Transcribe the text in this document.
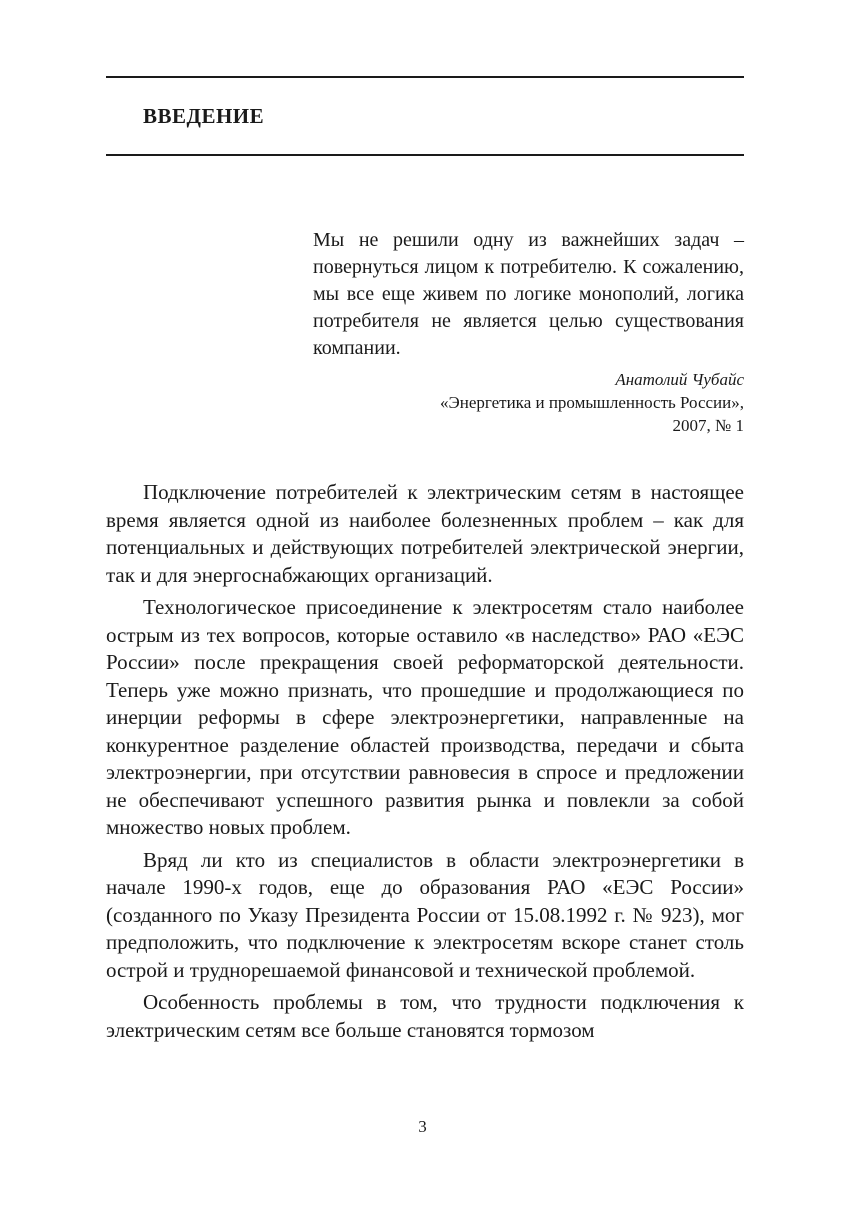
ВВЕДЕНИЕ

Мы не решили одну из важнейших задач – повернуться лицом к потребителю. К сожалению, мы все еще живем по логике монополий, логика потребителя не является целью существования компании.

Анатолий Чубайс
«Энергетика и промышленность России»,
2007, № 1

Подключение потребителей к электрическим сетям в настоящее время является одной из наиболее болезненных проблем – как для потенциальных и действующих потребителей электрической энергии, так и для энергоснабжающих организаций.

Технологическое присоединение к электросетям стало наиболее острым из тех вопросов, которые оставило «в наследство» РАО «ЕЭС России» после прекращения своей реформаторской деятельности. Теперь уже можно признать, что прошедшие и продолжающиеся по инерции реформы в сфере электроэнергетики, направленные на конкурентное разделение областей производства, передачи и сбыта электроэнергии, при отсутствии равновесия в спросе и предложении не обеспечивают успешного развития рынка и повлекли за собой множество новых проблем.

Вряд ли кто из специалистов в области электроэнергетики в начале 1990-х годов, еще до образования РАО «ЕЭС России» (созданного по Указу Президента России от 15.08.1992 г. № 923), мог предположить, что подключение к электросетям вскоре станет столь острой и труднорешаемой финансовой и технической проблемой.

Особенность проблемы в том, что трудности подключения к электрическим сетям все больше становятся тормозом

3
